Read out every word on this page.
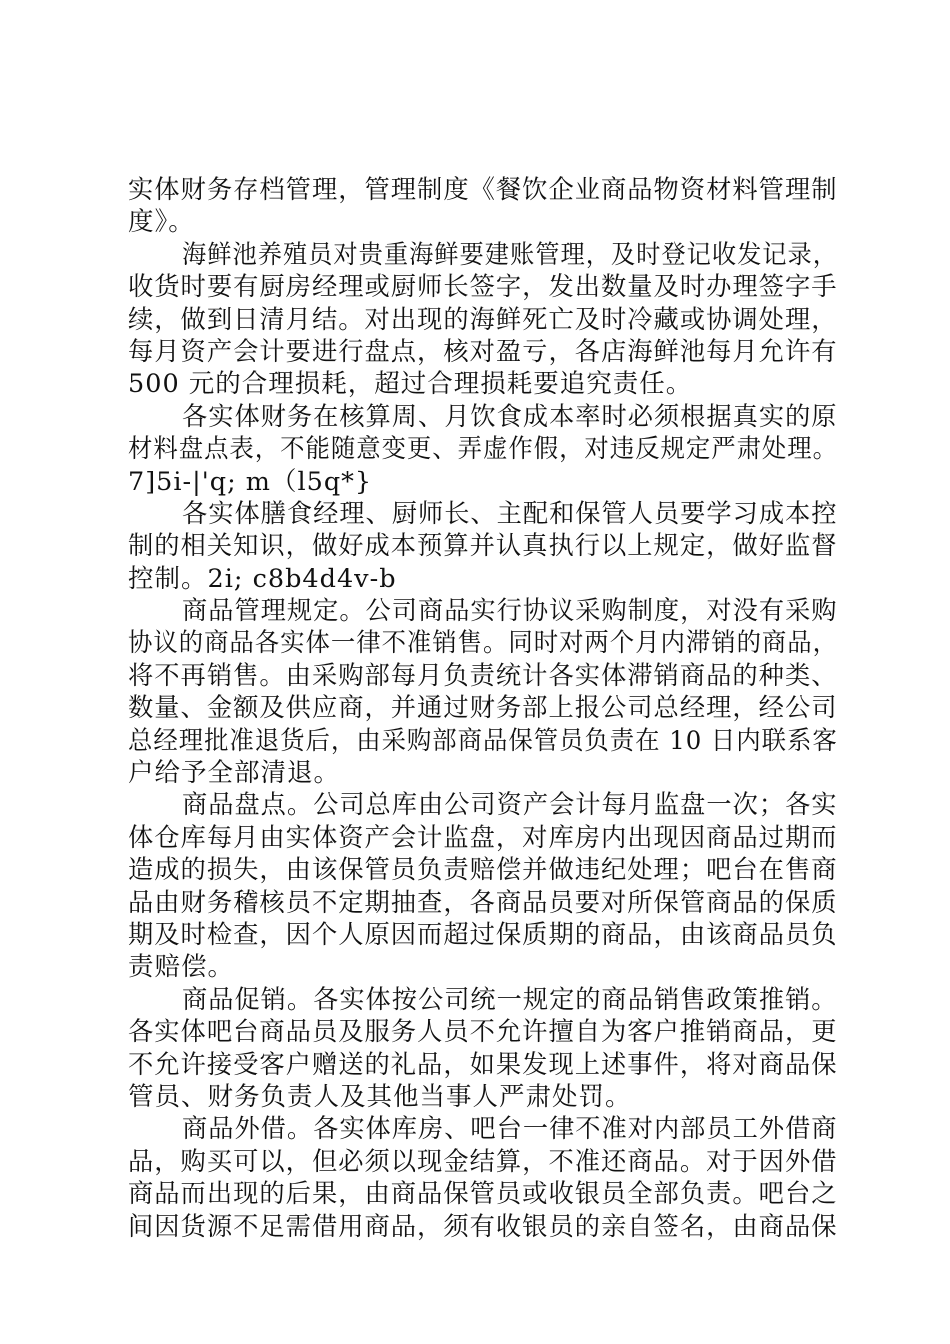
实体财务存档管理，管理制度《餐饮企业商品物资材料管理制
度》。
海鲜池养殖员对贵重海鲜要建账管理，及时登记收发记录，
收货时要有厨房经理或厨师长签字，发出数量及时办理签字手
续，做到日清月结。对出现的海鲜死亡及时冷藏或协调处理，
每月资产会计要进行盘点，核对盈亏，各店海鲜池每月允许有
500 元的合理损耗，超过合理损耗要追究责任。
各实体财务在核算周、月饮食成本率时必须根据真实的原
材料盘点表，不能随意变更、弄虚作假，对违反规定严肃处理。
7]5i-|'q; m（l5q*}
各实体膳食经理、厨师长、主配和保管人员要学习成本控
制的相关知识，做好成本预算并认真执行以上规定，做好监督
控制。2i; c8b4d4v-b
商品管理规定。公司商品实行协议采购制度，对没有采购
协议的商品各实体一律不准销售。同时对两个月内滞销的商品，
将不再销售。由采购部每月负责统计各实体滞销商品的种类、
数量、金额及供应商，并通过财务部上报公司总经理，经公司
总经理批准退货后，由采购部商品保管员负责在 10 日内联系客
户给予全部清退。
商品盘点。公司总库由公司资产会计每月监盘一次；各实
体仓库每月由实体资产会计监盘，对库房内出现因商品过期而
造成的损失，由该保管员负责赔偿并做违纪处理；吧台在售商
品由财务稽核员不定期抽查，各商品员要对所保管商品的保质
期及时检查，因个人原因而超过保质期的商品，由该商品员负
责赔偿。
商品促销。各实体按公司统一规定的商品销售政策推销。
各实体吧台商品员及服务人员不允许擅自为客户推销商品，更
不允许接受客户赠送的礼品，如果发现上述事件，将对商品保
管员、财务负责人及其他当事人严肃处罚。
商品外借。各实体库房、吧台一律不准对内部员工外借商
品，购买可以，但必须以现金结算，不准还商品。对于因外借
商品而出现的后果，由商品保管员或收银员全部负责。吧台之
间因货源不足需借用商品，须有收银员的亲自签名，由商品保
